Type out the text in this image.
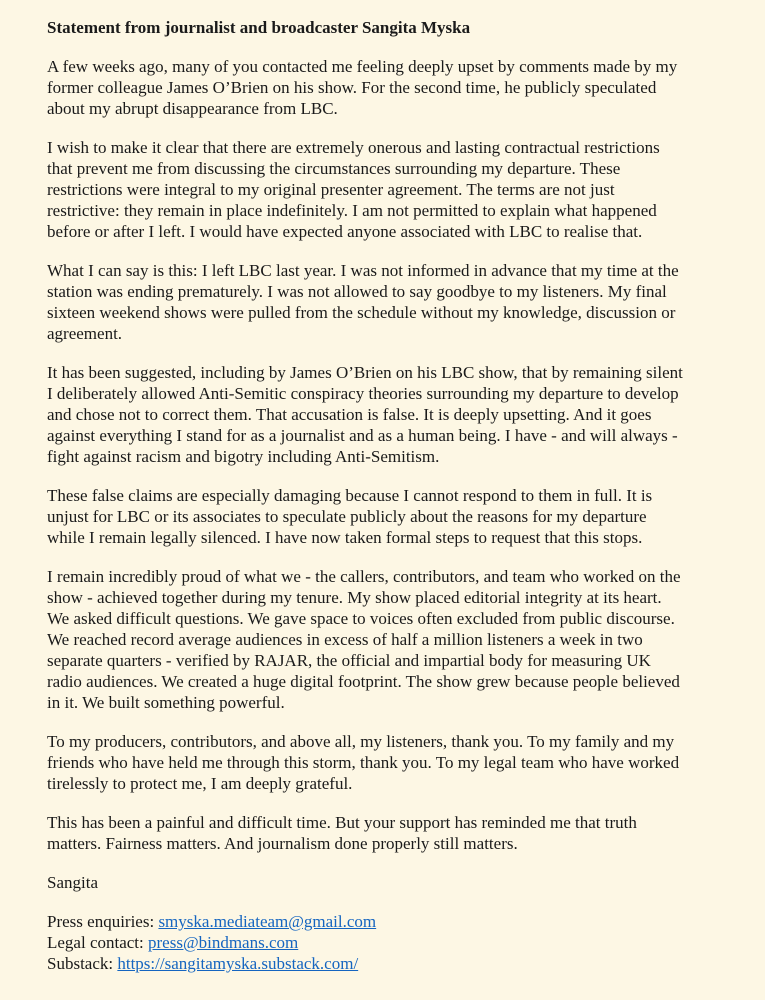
Statement from journalist and broadcaster Sangita Myska
A few weeks ago, many of you contacted me feeling deeply upset by comments made by my
former colleague James O’Brien on his show. For the second time, he publicly speculated
about my abrupt disappearance from LBC.
I wish to make it clear that there are extremely onerous and lasting contractual restrictions
that prevent me from discussing the circumstances surrounding my departure. These
restrictions were integral to my original presenter agreement. The terms are not just
restrictive: they remain in place indefinitely. I am not permitted to explain what happened
before or after I left. I would have expected anyone associated with LBC to realise that.
What I can say is this: I left LBC last year. I was not informed in advance that my time at the
station was ending prematurely. I was not allowed to say goodbye to my listeners. My final
sixteen weekend shows were pulled from the schedule without my knowledge, discussion or
agreement.
It has been suggested, including by James O’Brien on his LBC show, that by remaining silent
I deliberately allowed Anti-Semitic conspiracy theories surrounding my departure to develop
and chose not to correct them. That accusation is false. It is deeply upsetting. And it goes
against everything I stand for as a journalist and as a human being. I have - and will always -
fight against racism and bigotry including Anti-Semitism.
These false claims are especially damaging because I cannot respond to them in full. It is
unjust for LBC or its associates to speculate publicly about the reasons for my departure
while I remain legally silenced. I have now taken formal steps to request that this stops.
I remain incredibly proud of what we - the callers, contributors, and team who worked on the
show - achieved together during my tenure. My show placed editorial integrity at its heart.
We asked difficult questions. We gave space to voices often excluded from public discourse.
We reached record average audiences in excess of half a million listeners a week in two
separate quarters - verified by RAJAR, the official and impartial body for measuring UK
radio audiences. We created a huge digital footprint. The show grew because people believed
in it. We built something powerful.
To my producers, contributors, and above all, my listeners, thank you. To my family and my
friends who have held me through this storm, thank you. To my legal team who have worked
tirelessly to protect me, I am deeply grateful.
This has been a painful and difficult time. But your support has reminded me that truth
matters. Fairness matters. And journalism done properly still matters.
Sangita
Press enquiries: smyska.mediateam@gmail.com
Legal contact: press@bindmans.com
Substack: https://sangitamyska.substack.com/
